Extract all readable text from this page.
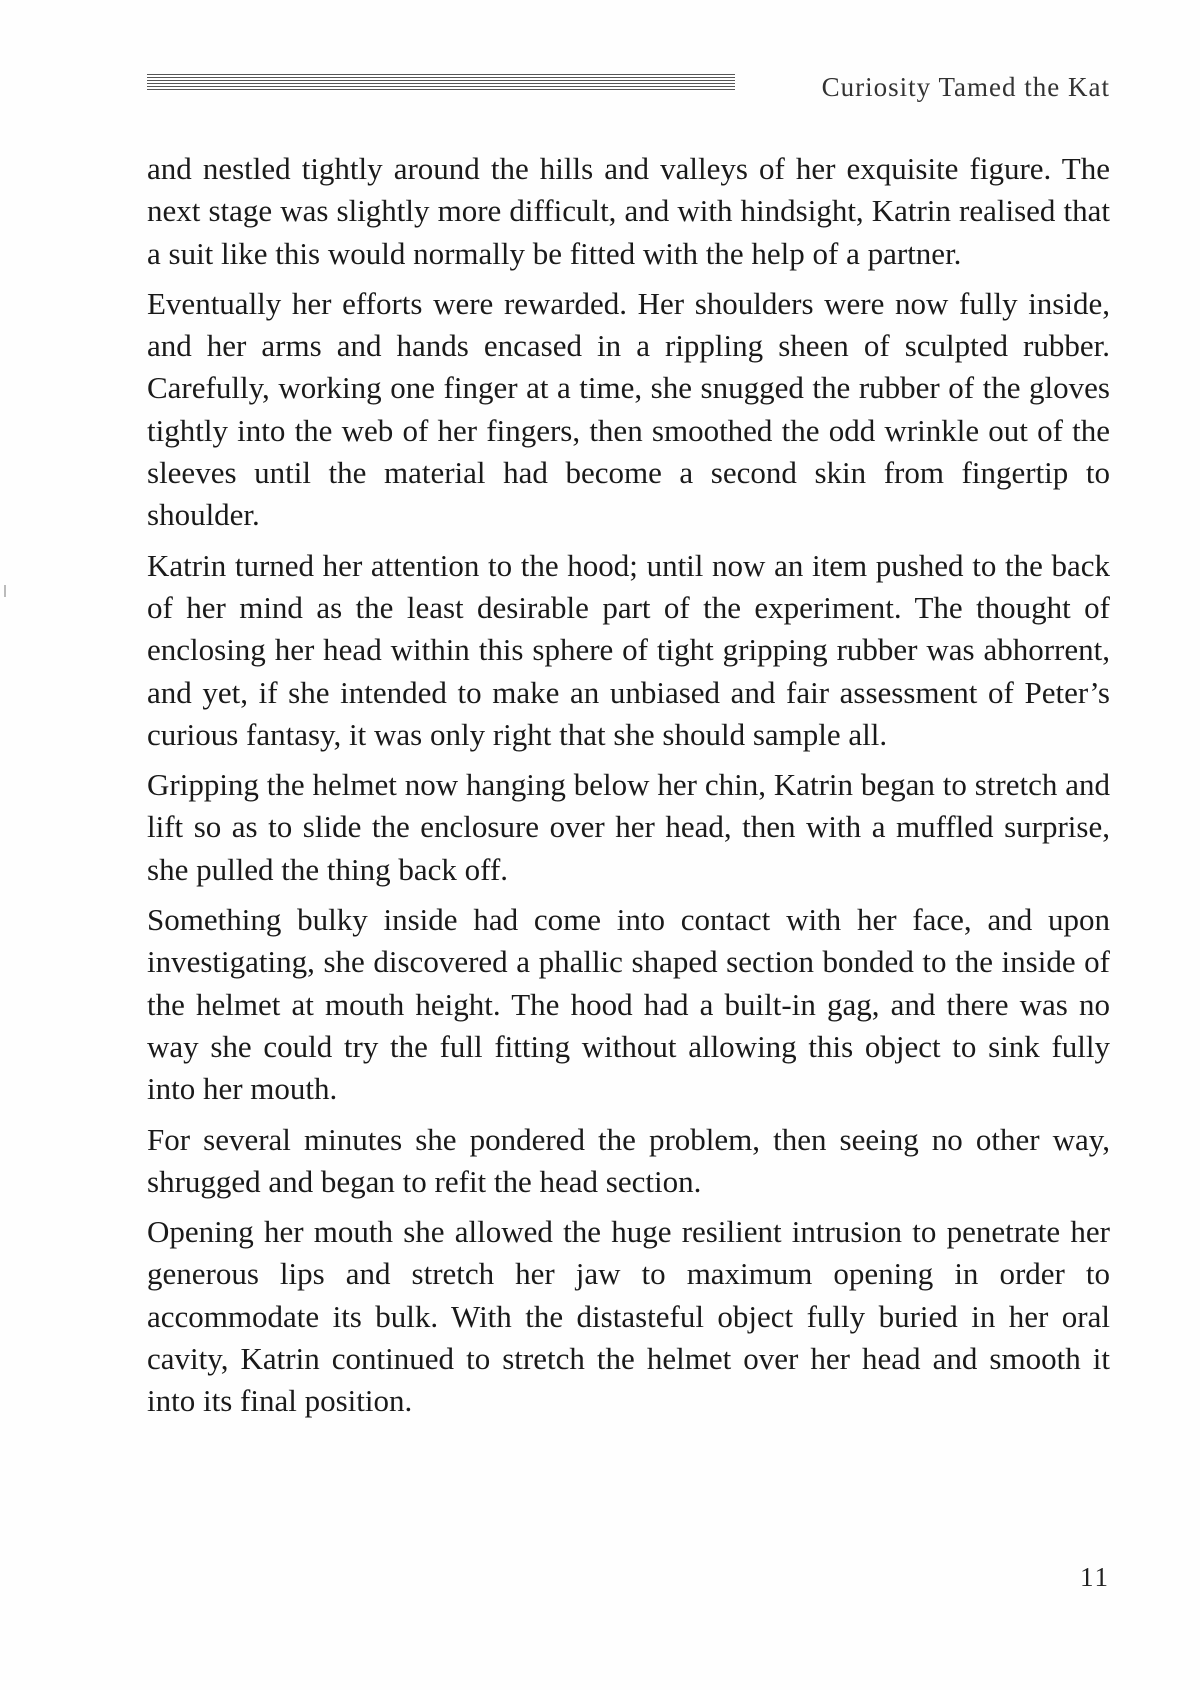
Curiosity Tamed the Kat

and nestled tightly around the hills and valleys of her exquisite figure. The next stage was slightly more difficult, and with hindsight, Katrin realised that a suit like this would normally be fitted with the help of a partner.

Eventually her efforts were rewarded. Her shoulders were now fully inside, and her arms and hands encased in a rippling sheen of sculpted rubber. Carefully, working one finger at a time, she snugged the rubber of the gloves tightly into the web of her fingers, then smoothed the odd wrinkle out of the sleeves until the material had become a second skin from fingertip to shoulder.

Katrin turned her attention to the hood; until now an item pushed to the back of her mind as the least desirable part of the experiment. The thought of enclosing her head within this sphere of tight gripping rubber was abhorrent, and yet, if she intended to make an unbiased and fair assessment of Peter’s curious fantasy, it was only right that she should sample all.

Gripping the helmet now hanging below her chin, Katrin began to stretch and lift so as to slide the enclosure over her head, then with a muffled surprise, she pulled the thing back off.

Something bulky inside had come into contact with her face, and upon investigating, she discovered a phallic shaped section bonded to the inside of the helmet at mouth height. The hood had a built-in gag, and there was no way she could try the full fitting without allowing this object to sink fully into her mouth.

For several minutes she pondered the problem, then seeing no other way, shrugged and began to refit the head section.

Opening her mouth she allowed the huge resilient intrusion to penetrate her generous lips and stretch her jaw to maximum opening in order to accommodate its bulk. With the distasteful object fully buried in her oral cavity, Katrin continued to stretch the helmet over her head and smooth it into its final position.

11
